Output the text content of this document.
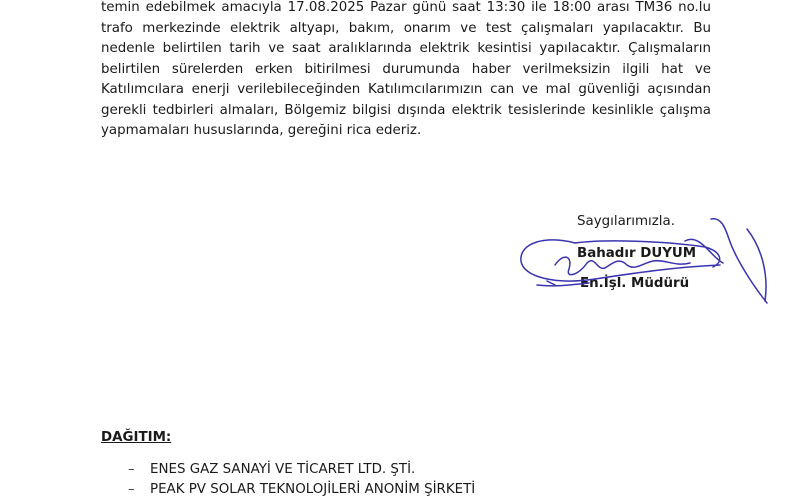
temin edebilmek amacıyla 17.08.2025 Pazar günü saat 13:30 ile 18:00 arası TM36 no.lu
trafo merkezinde elektrik altyapı, bakım, onarım ve test çalışmaları yapılacaktır. Bu
nedenle belirtilen tarih ve saat aralıklarında elektrik kesintisi yapılacaktır. Çalışmaların
belirtilen sürelerden erken bitirilmesi durumunda haber verilmeksizin ilgili hat ve
Katılımcılara enerji verilebileceğinden Katılımcılarımızın can ve mal güvenliği açısından
gerekli tedbirleri almaları, Bölgemiz bilgisi dışında elektrik tesislerinde kesinlikle çalışma
yapmamaları hususlarında, gereğini rica ederiz.
Saygılarımızla.
Bahadır DUYUM
En.İşl. Müdürü
DAĞITIM:
– ENES GAZ SANAYİ VE TİCARET LTD. ŞTİ.
– PEAK PV SOLAR TEKNOLOJİLERİ ANONİM ŞİRKETİ
